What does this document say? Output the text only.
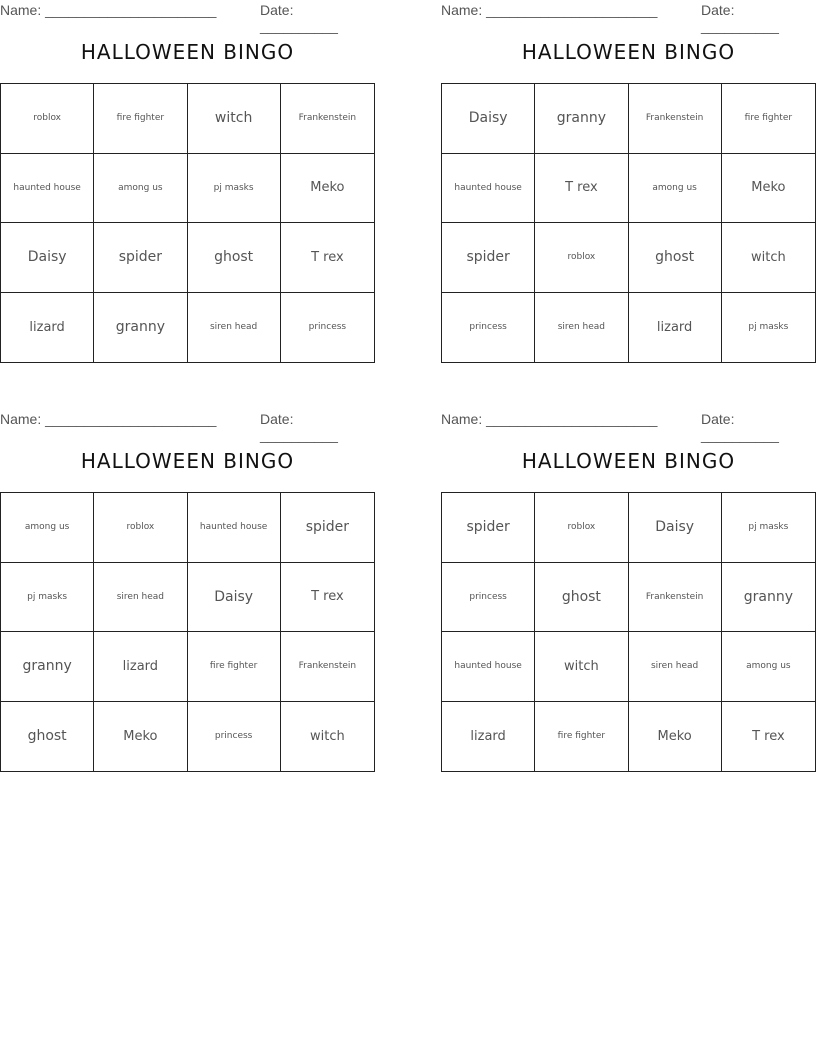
Name: ______________________	Date: __________
HALLOWEEN BINGO
roblox	fire fighter	witch	Frankenstein
haunted house	among us	pj masks	Meko
Daisy	spider	ghost	T rex
lizard	granny	siren head	princess
Name: ______________________	Date: __________
HALLOWEEN BINGO
Daisy	granny	Frankenstein	fire fighter
haunted house	T rex	among us	Meko
spider	roblox	ghost	witch
princess	siren head	lizard	pj masks
Name: ______________________	Date: __________
HALLOWEEN BINGO
among us	roblox	haunted house	spider
pj masks	siren head	Daisy	T rex
granny	lizard	fire fighter	Frankenstein
ghost	Meko	princess	witch
Name: ______________________	Date: __________
HALLOWEEN BINGO
spider	roblox	Daisy	pj masks
princess	ghost	Frankenstein	granny
haunted house	witch	siren head	among us
lizard	fire fighter	Meko	T rex
